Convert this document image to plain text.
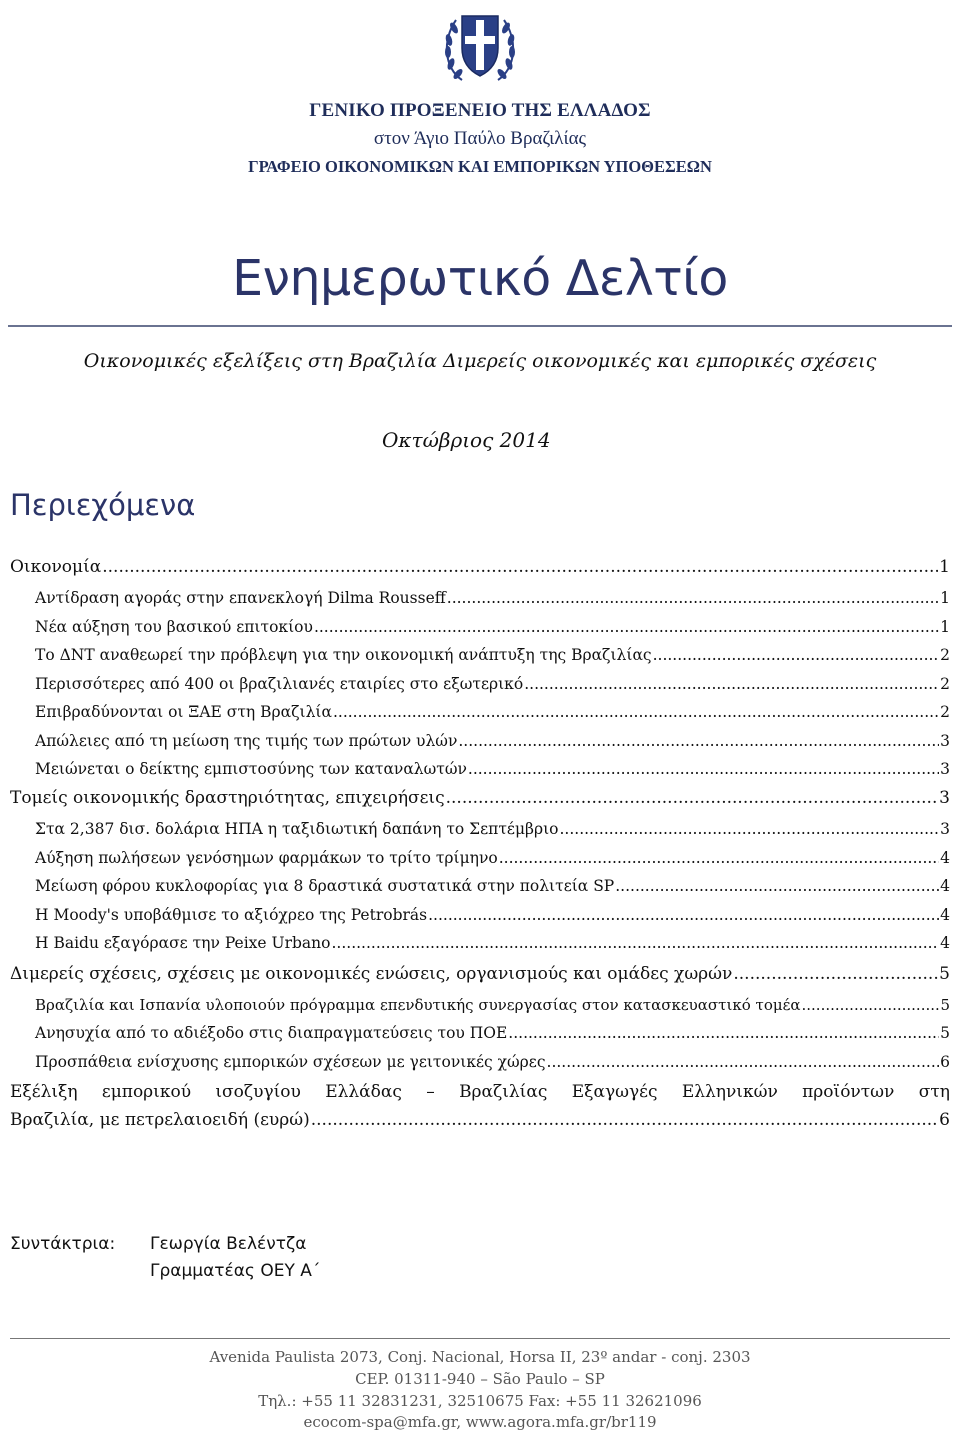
ΓΕΝΙΚΟ ΠΡΟΞΕΝΕΙΟ ΤΗΣ ΕΛΛΑΔΟΣ
στον Άγιο Παύλο Βραζιλίας
ΓΡΑΦΕΙΟ ΟΙΚΟΝΟΜΙΚΩΝ ΚΑΙ ΕΜΠΟΡΙΚΩΝ ΥΠΟΘΕΣΕΩΝ
Ενημερωτικό Δελτίο
Οικονομικές εξελίξεις στη Βραζιλία Διμερείς οικονομικές και εμπορικές σχέσεις
Οκτώβριος 2014
Περιεχόμενα
Οικονομία .....	1
Αντίδραση αγοράς στην επανεκλογή Dilma Rousseff .....	1
Νέα αύξηση του βασικού επιτοκίου .....	1
Το ΔΝΤ αναθεωρεί την πρόβλεψη για την οικονομική ανάπτυξη της Βραζιλίας .....	2
Περισσότερες από 400 οι βραζιλιανές εταιρίες στο εξωτερικό .....	2
Επιβραδύνονται οι ΞΑΕ στη Βραζιλία .....	2
Απώλειες από τη μείωση της τιμής των πρώτων υλών .....	3
Μειώνεται ο δείκτης εμπιστοσύνης των καταναλωτών .....	3
Τομείς οικονομικής δραστηριότητας, επιχειρήσεις .....	3
Στα 2,387 δισ. δολάρια ΗΠΑ η ταξιδιωτική δαπάνη το Σεπτέμβριο .....	3
Αύξηση πωλήσεων γενόσημων φαρμάκων το τρίτο τρίμηνο .....	4
Μείωση φόρου κυκλοφορίας για 8 δραστικά συστατικά στην πολιτεία SP .....	4
Η Moody's υποβάθμισε το αξιόχρεο της Petrobrás .....	4
Η Baidu εξαγόρασε την Peixe Urbano .....	4
Διμερείς σχέσεις, σχέσεις με οικονομικές ενώσεις, οργανισμούς και ομάδες χωρών .....	5
Βραζιλία και Ισπανία υλοποιούν πρόγραμμα επενδυτικής συνεργασίας στον κατασκευαστικό τομέα .....	5
Ανησυχία από το αδιέξοδο στις διαπραγματεύσεις του ΠΟΕ .....	5
Προσπάθεια ενίσχυσης εμπορικών σχέσεων με γειτονικές χώρες .....	6
Εξέλιξη εμπορικού ισοζυγίου Ελλάδας – Βραζιλίας Εξαγωγές Ελληνικών προϊόντων στη
Βραζιλία, με πετρελαιοειδή (ευρώ) .....	6
Συντάκτρια: Γεωργία Βελέντζα
Γραμματέας ΟΕΥ Α΄
Avenida Paulista 2073, Conj. Nacional, Horsa II, 23º andar - conj. 2303
CEP. 01311-940 – São Paulo – SP
Τηλ.: +55 11 32831231, 32510675 Fax: +55 11 32621096
ecocom-spa@mfa.gr, www.agora.mfa.gr/br119
